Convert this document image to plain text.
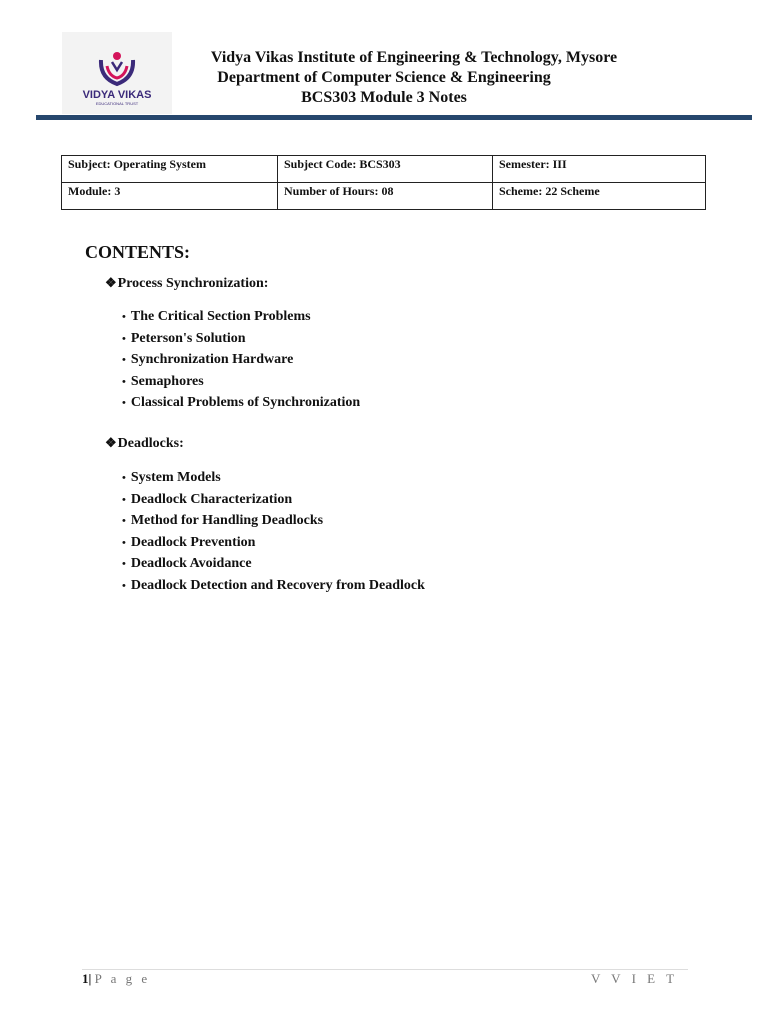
VIDYA VIKAS
EDUCATIONAL TRUST
Vidya Vikas Institute of Engineering & Technology, Mysore
Department of Computer Science & Engineering
BCS303 Module 3 Notes
Subject: Operating System	Subject Code: BCS303	Semester: III
Module: 3	Number of Hours: 08	Scheme: 22 Scheme
CONTENTS:
❖Process Synchronization:
• The Critical Section Problems
• Peterson's Solution
• Synchronization Hardware
• Semaphores
• Classical Problems of Synchronization
❖Deadlocks:
• System Models
• Deadlock Characterization
• Method for Handling Deadlocks
• Deadlock Prevention
• Deadlock Avoidance
• Deadlock Detection and Recovery from Deadlock
1| P a g e	V V I E T
